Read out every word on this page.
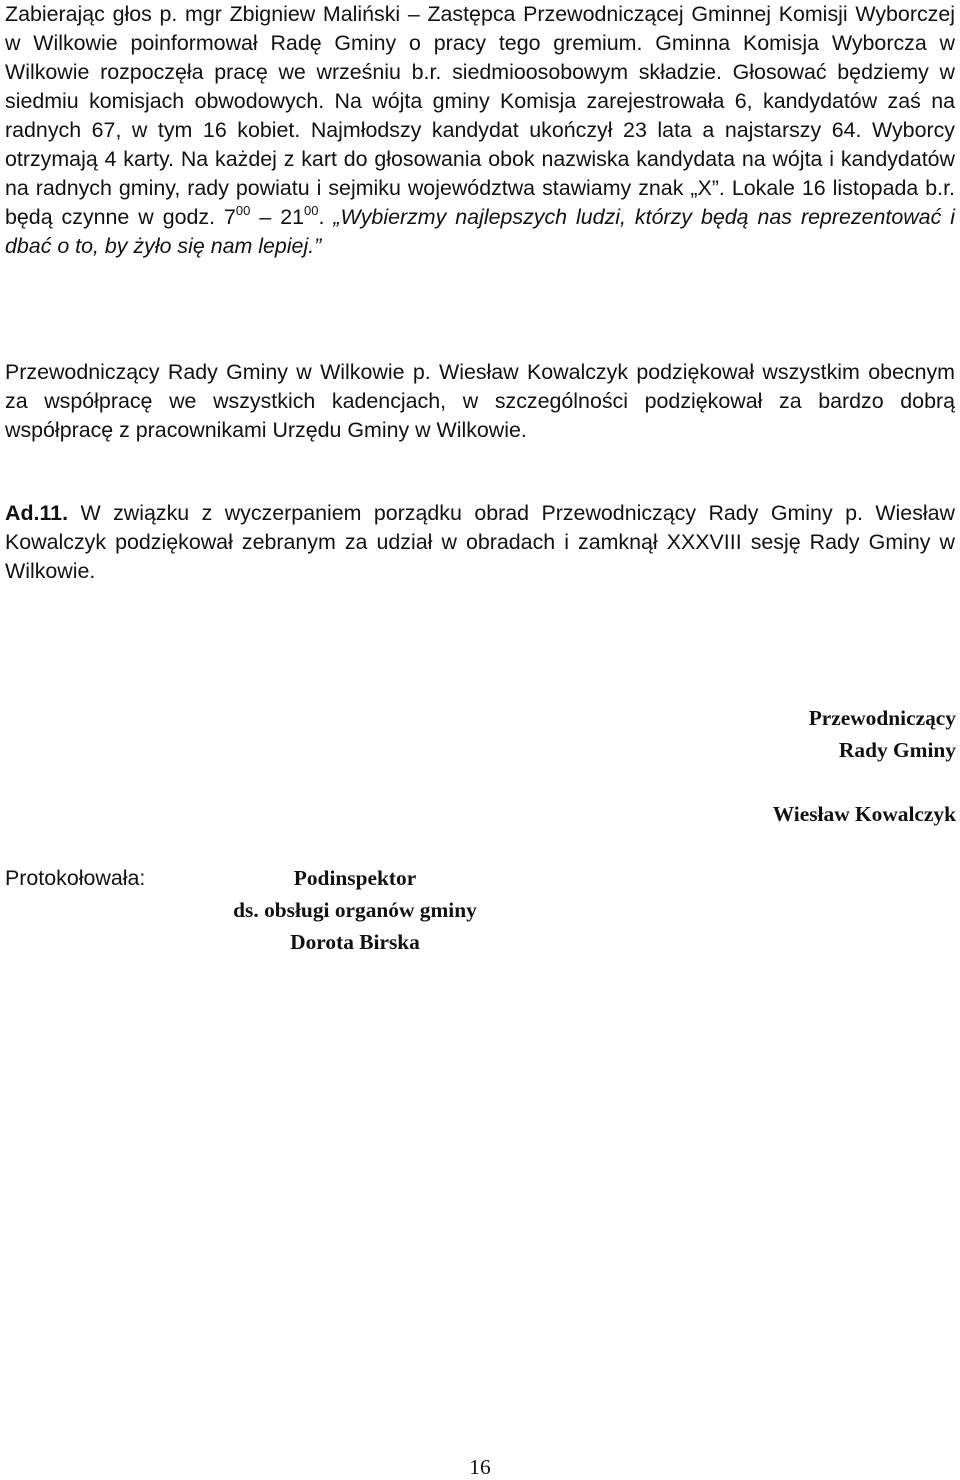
Zabierając głos p. mgr Zbigniew Maliński – Zastępca Przewodniczącej Gminnej Komisji Wyborczej w Wilkowie poinformował Radę Gminy o pracy tego gremium. Gminna Komisja Wyborcza w Wilkowie rozpoczęła pracę we wrześniu b.r. siedmioosobowym składzie. Głosować będziemy w siedmiu komisjach obwodowych. Na wójta gminy Komisja zarejestrowała 6, kandydatów zaś na radnych 67, w tym 16 kobiet. Najmłodszy kandydat ukończył 23 lata a najstarszy 64. Wyborcy otrzymają 4 karty. Na każdej z kart do głosowania obok nazwiska kandydata na wójta i kandydatów na radnych gminy, rady powiatu i sejmiku województwa stawiamy znak „X”. Lokale 16 listopada b.r. będą czynne w godz. $7^{00} - 21^{00}$. „Wybierzmy najlepszych ludzi, którzy będą nas reprezentować i dbać o to, by żyło się nam lepiej.”

Przewodniczący Rady Gminy w Wilkowie p. Wiesław Kowalczyk podziękował wszystkim obecnym za współpracę we wszystkich kadencjach, w szczególności podziękował za bardzo dobrą współpracę z pracownikami Urzędu Gminy w Wilkowie.

Ad.11. W związku z wyczerpaniem porządku obrad Przewodniczący Rady Gminy p. Wiesław Kowalczyk podziękował zebranym za udział w obradach i zamknął XXXVIII sesję Rady Gminy w Wilkowie.

Przewodniczący

Rady Gminy

Wiesław Kowalczyk

Protokołowała:	Podinspektor

ds. obsługi organów gminy

Dorota Birska

16
